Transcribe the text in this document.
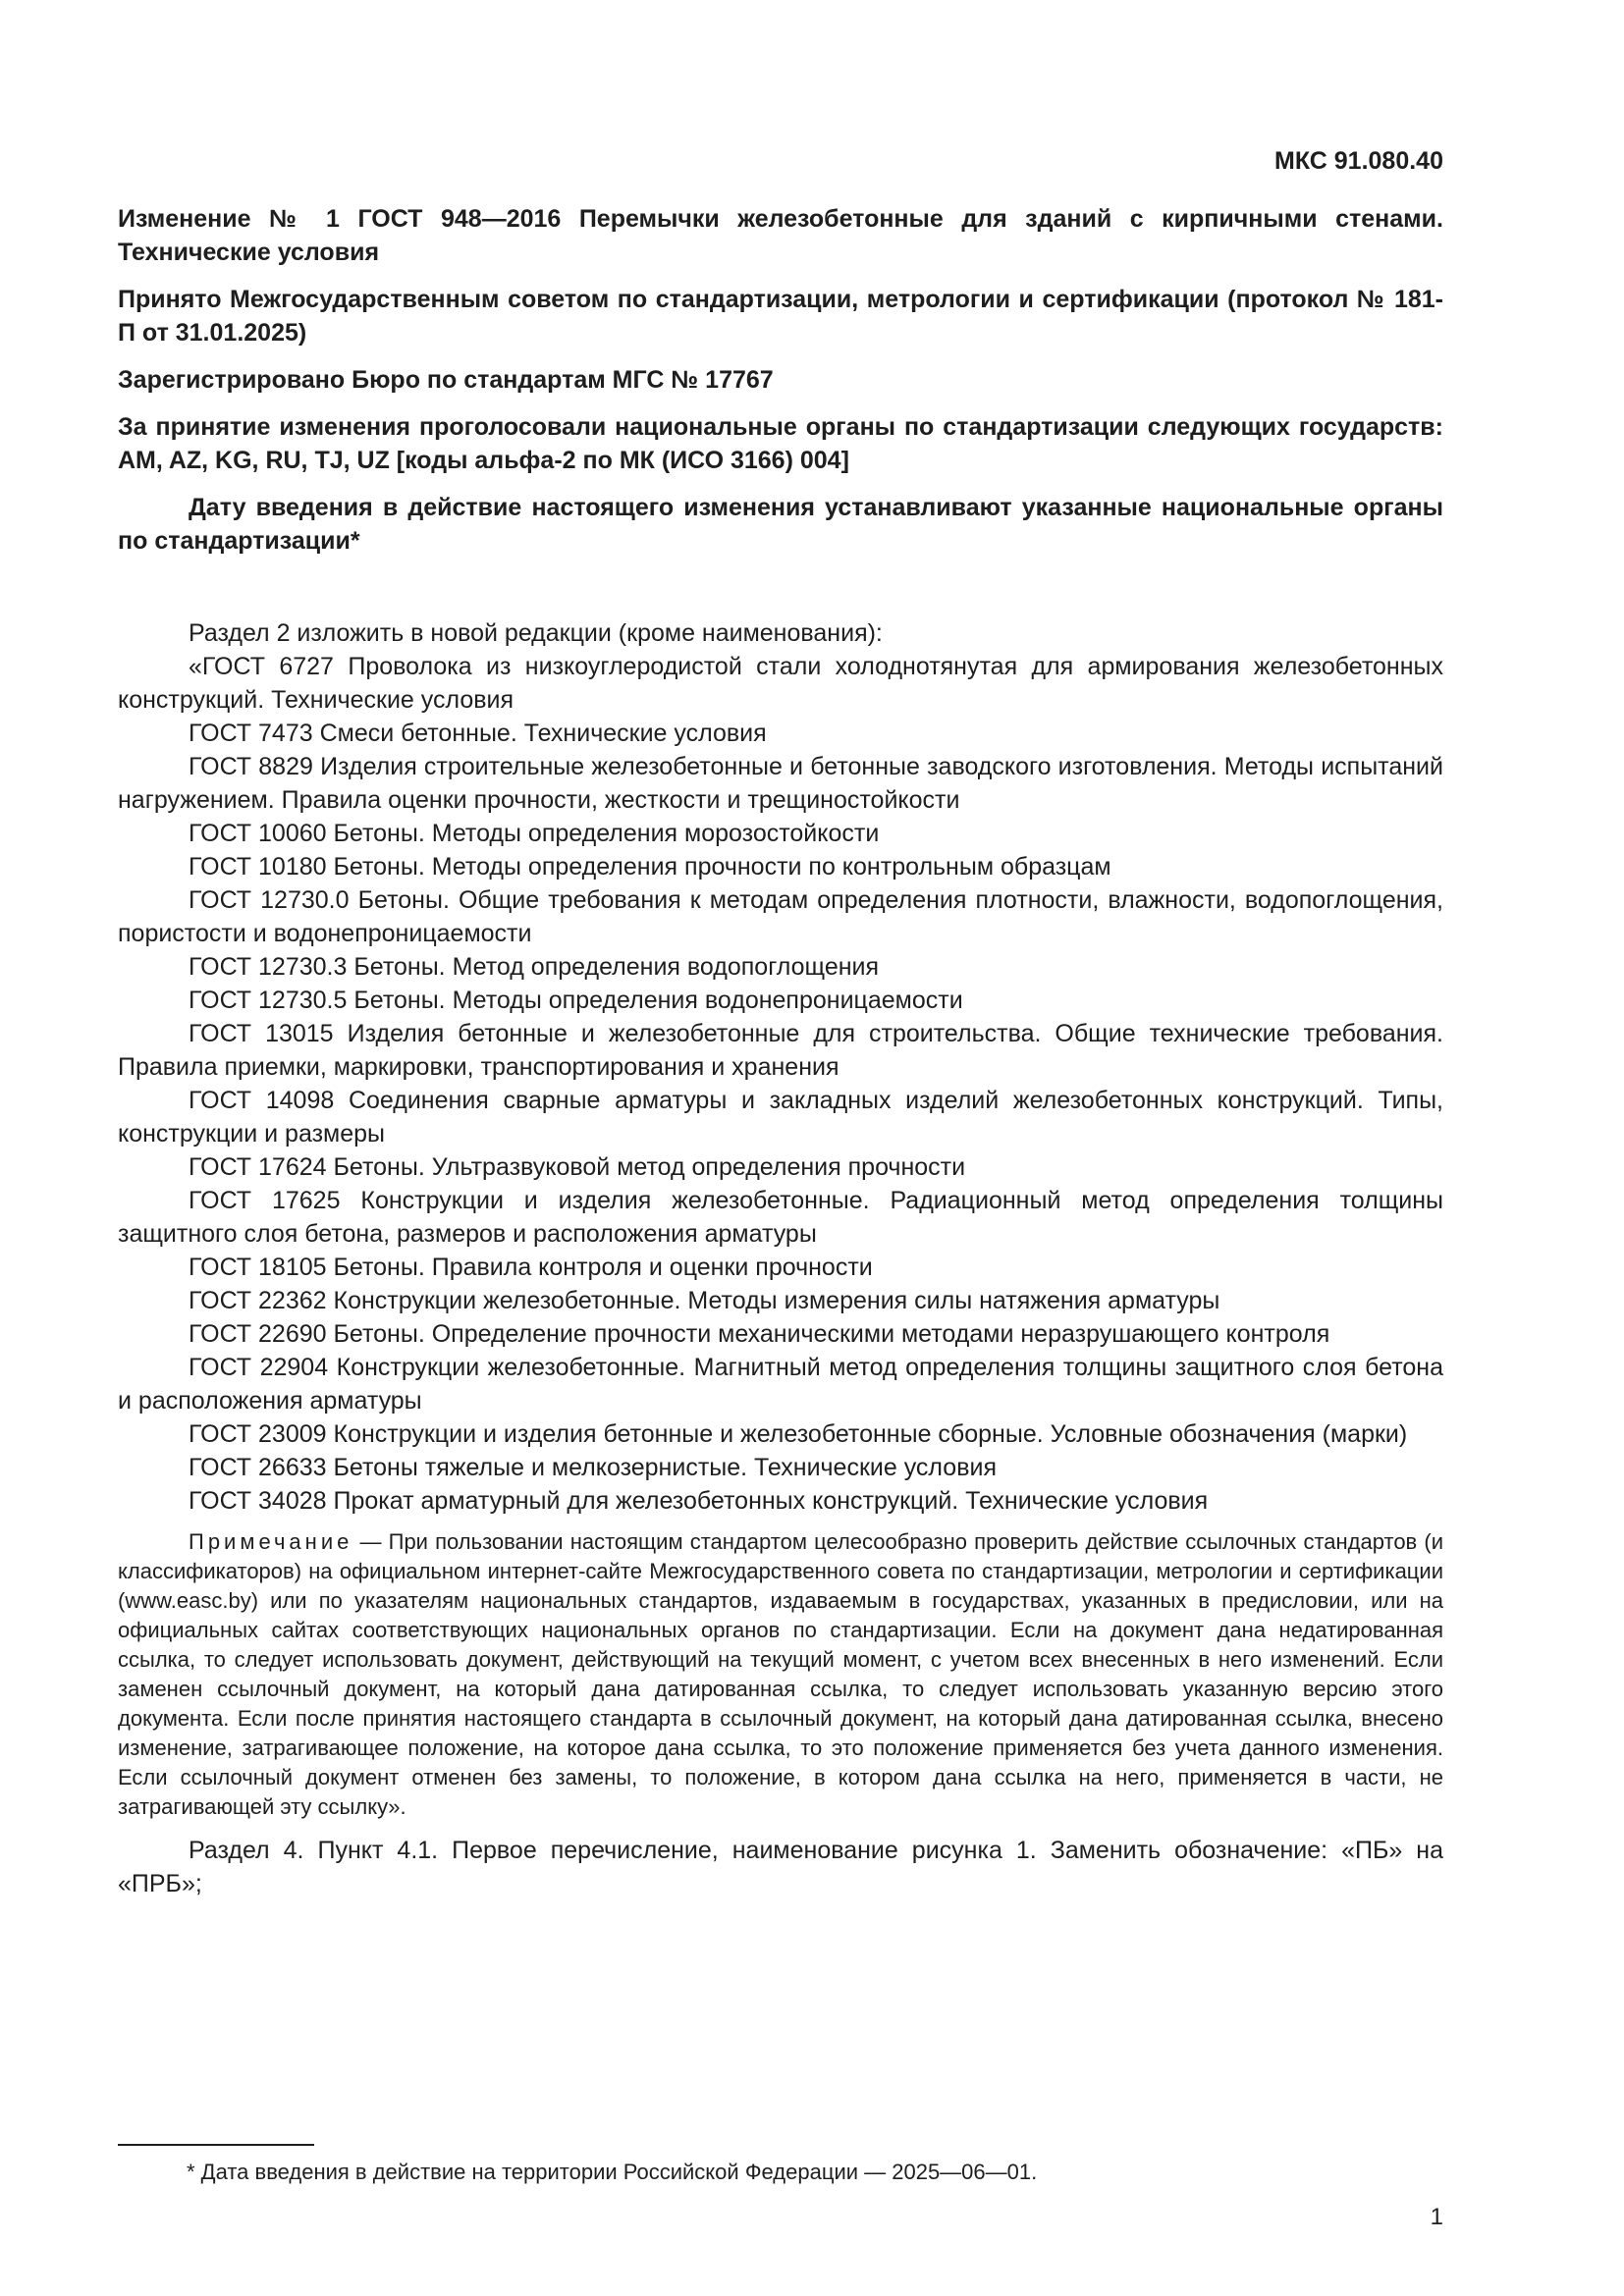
МКС 91.080.40
Изменение № 1 ГОСТ 948—2016 Перемычки железобетонные для зданий с кирпичными стенами. Технические условия
Принято Межгосударственным советом по стандартизации, метрологии и сертификации (протокол № 181-П от 31.01.2025)
Зарегистрировано Бюро по стандартам МГС № 17767
За принятие изменения проголосовали национальные органы по стандартизации следующих государств: AM, AZ, KG, RU, TJ, UZ [коды альфа-2 по МК (ИСО 3166) 004]
Дату введения в действие настоящего изменения устанавливают указанные национальные органы по стандартизации*

Раздел 2 изложить в новой редакции (кроме наименования):

«ГОСТ 6727 Проволока из низкоуглеродистой стали холоднотянутая для армирования железобетонных конструкций. Технические условия
ГОСТ 7473 Смеси бетонные. Технические условия
ГОСТ 8829 Изделия строительные железобетонные и бетонные заводского изготовления. Методы испытаний нагружением. Правила оценки прочности, жесткости и трещиностойкости
ГОСТ 10060 Бетоны. Методы определения морозостойкости
ГОСТ 10180 Бетоны. Методы определения прочности по контрольным образцам
ГОСТ 12730.0 Бетоны. Общие требования к методам определения плотности, влажности, водопоглощения, пористости и водонепроницаемости
ГОСТ 12730.3 Бетоны. Метод определения водопоглощения
ГОСТ 12730.5 Бетоны. Методы определения водонепроницаемости
ГОСТ 13015 Изделия бетонные и железобетонные для строительства. Общие технические требования. Правила приемки, маркировки, транспортирования и хранения
ГОСТ 14098 Соединения сварные арматуры и закладных изделий железобетонных конструкций. Типы, конструкции и размеры
ГОСТ 17624 Бетоны. Ультразвуковой метод определения прочности
ГОСТ 17625 Конструкции и изделия железобетонные. Радиационный метод определения толщины защитного слоя бетона, размеров и расположения арматуры
ГОСТ 18105 Бетоны. Правила контроля и оценки прочности
ГОСТ 22362 Конструкции железобетонные. Методы измерения силы натяжения арматуры
ГОСТ 22690 Бетоны. Определение прочности механическими методами неразрушающего контроля
ГОСТ 22904 Конструкции железобетонные. Магнитный метод определения толщины защитного слоя бетона и расположения арматуры
ГОСТ 23009 Конструкции и изделия бетонные и железобетонные сборные. Условные обозначения (марки)
ГОСТ 26633 Бетоны тяжелые и мелкозернистые. Технические условия
ГОСТ 34028 Прокат арматурный для железобетонных конструкций. Технические условия
Примечание — При пользовании настоящим стандартом целесообразно проверить действие ссылочных стандартов (и классификаторов) на официальном интернет-сайте Межгосударственного совета по стандартизации, метрологии и сертификации (www.easc.by) или по указателям национальных стандартов, издаваемым в государствах, указанных в предисловии, или на официальных сайтах соответствующих национальных органов по стандартизации. Если на документ дана недатированная ссылка, то следует использовать документ, действующий на текущий момент, с учетом всех внесенных в него изменений. Если заменен ссылочный документ, на который дана датированная ссылка, то следует использовать указанную версию этого документа. Если после принятия настоящего стандарта в ссылочный документ, на который дана датированная ссылка, внесено изменение, затрагивающее положение, на которое дана ссылка, то это положение применяется без учета данного изменения. Если ссылочный документ отменен без замены, то положение, в котором дана ссылка на него, применяется в части, не затрагивающей эту ссылку».
Раздел 4. Пункт 4.1. Первое перечисление, наименование рисунка 1. Заменить обозначение: «ПБ» на «ПРБ»;
* Дата введения в действие на территории Российской Федерации — 2025—06—01.
1
